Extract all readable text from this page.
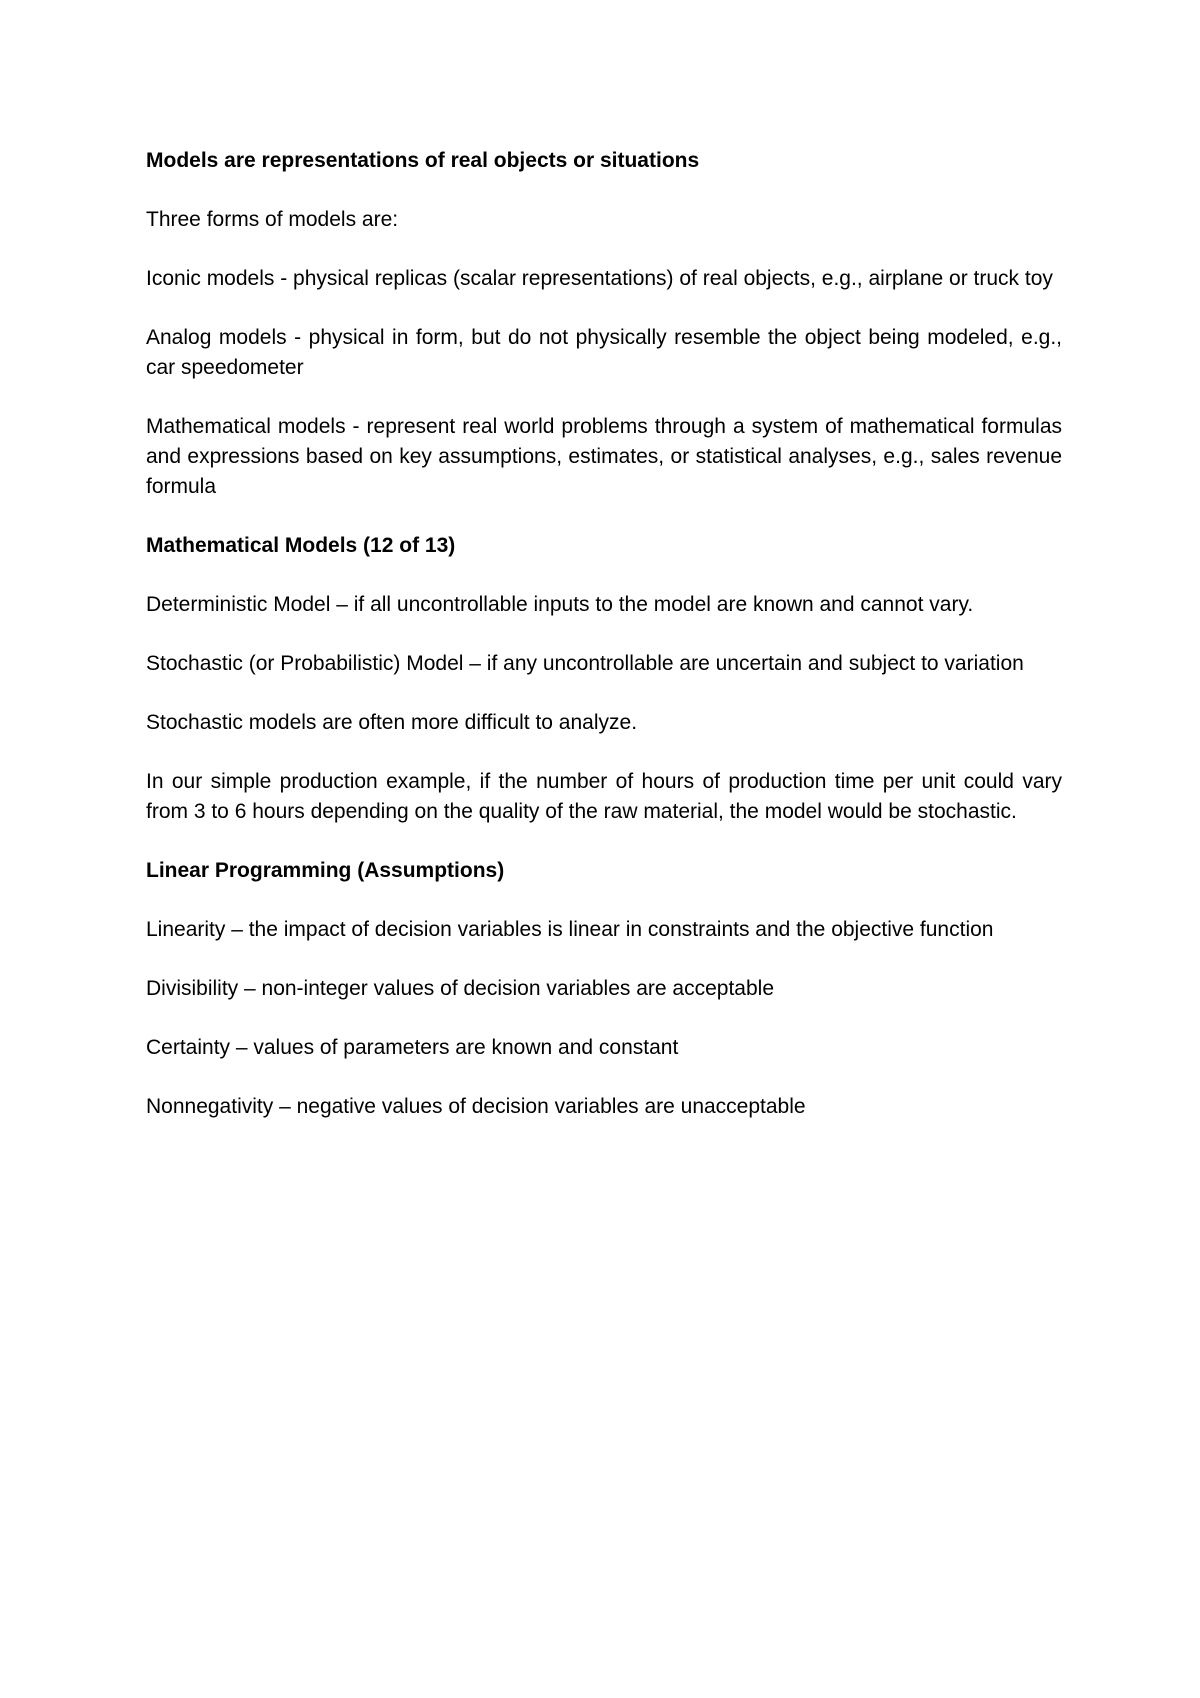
Models are representations of real objects or situations

Three forms of models are:

Iconic models - physical replicas (scalar representations) of real objects, e.g., airplane or truck toy

Analog models - physical in form, but do not physically resemble the object being modeled, e.g., car speedometer

Mathematical models - represent real world problems through a system of mathematical formulas and expressions based on key assumptions, estimates, or statistical analyses, e.g., sales revenue formula

Mathematical Models (12 of 13)

Deterministic Model – if all uncontrollable inputs to the model are known and cannot vary.

Stochastic (or Probabilistic) Model – if any uncontrollable are uncertain and subject to variation

Stochastic models are often more difficult to analyze.

In our simple production example, if the number of hours of production time per unit could vary from 3 to 6 hours depending on the quality of the raw material, the model would be stochastic.

Linear Programming (Assumptions)

Linearity – the impact of decision variables is linear in constraints and the objective function

Divisibility – non-integer values of decision variables are acceptable

Certainty – values of parameters are known and constant

Nonnegativity – negative values of decision variables are unacceptable
